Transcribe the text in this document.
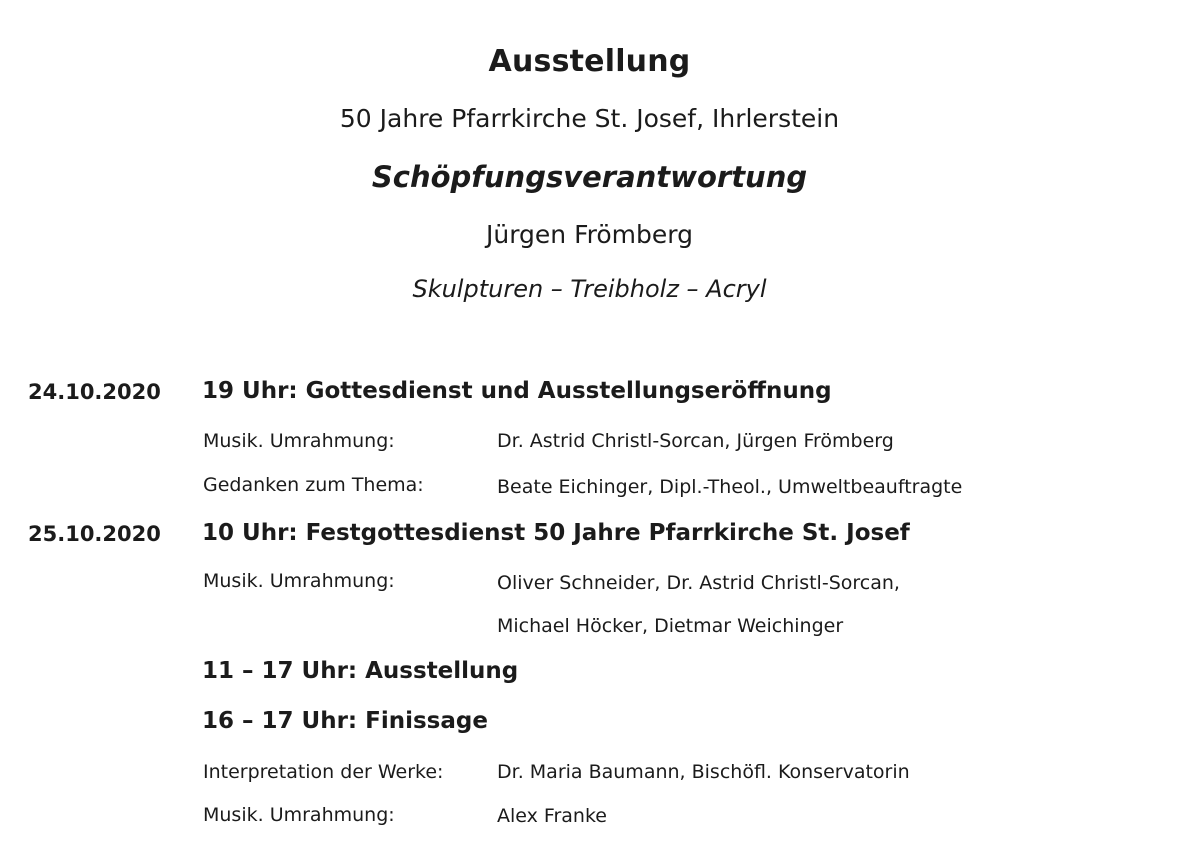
Ausstellung
50 Jahre Pfarrkirche St. Josef, Ihrlerstein
Schöpfungsverantwortung
Jürgen Frömberg
Skulpturen – Treibholz – Acryl
24.10.2020 19 Uhr: Gottesdienst und Ausstellungseröffnung
Musik. Umrahmung:	Dr. Astrid Christl-Sorcan, Jürgen Frömberg
Gedanken zum Thema:	Beate Eichinger, Dipl.-Theol., Umweltbeauftragte
25.10.2020 10 Uhr: Festgottesdienst 50 Jahre Pfarrkirche St. Josef
Musik. Umrahmung:	Oliver Schneider, Dr. Astrid Christl-Sorcan,
Michael Höcker, Dietmar Weichinger
11 – 17 Uhr: Ausstellung
16 – 17 Uhr: Finissage
Interpretation der Werke:	Dr. Maria Baumann, Bischöfl. Konservatorin
Musik. Umrahmung:	Alex Franke
